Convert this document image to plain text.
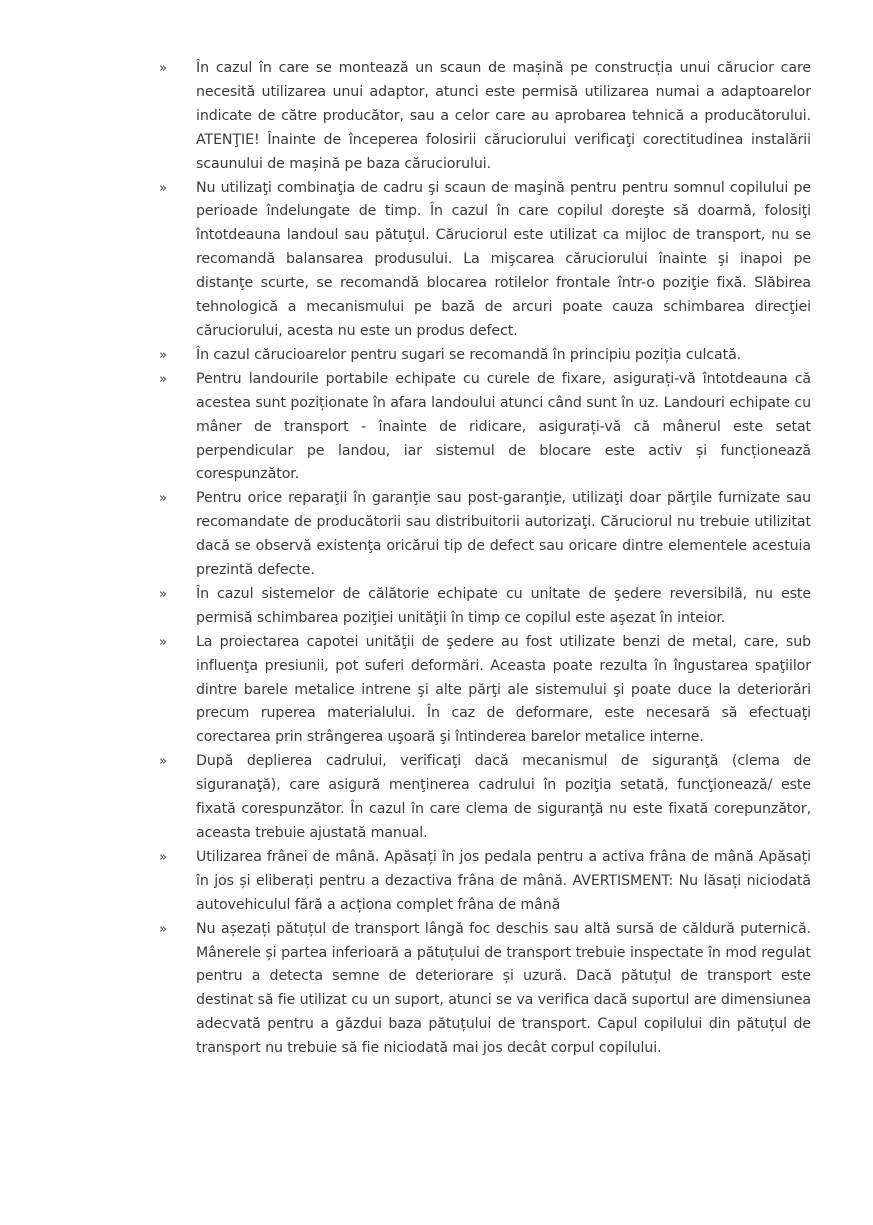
» În cazul în care se montează un scaun de mașină pe construcția unui cărucior care necesită utilizarea unui adaptor, atunci este permisă utilizarea numai a adaptoarelor indicate de către producător, sau a celor care au aprobarea tehnică a producătorului. ATENŢIE! Înainte de începerea folosirii căruciorului verificaţi corectitudinea instalării scaunului de mașină pe baza căruciorului.
» Nu utilizaţi combinaţia de cadru şi scaun de maşină pentru pentru somnul copilului pe perioade îndelungate de timp. În cazul în care copilul doreşte să doarmă, folosiţi întotdeauna landoul sau pătuţul. Căruciorul este utilizat ca mijloc de transport, nu se recomandă balansarea produsului. La mişcarea căruciorului înainte şi inapoi pe distanţe scurte, se recomandă blocarea rotilelor frontale într-o poziţie fixă. Slăbirea tehnologică a mecanismului pe bază de arcuri poate cauza schimbarea direcţiei căruciorului, acesta nu este un produs defect.
» În cazul cărucioarelor pentru sugari se recomandă în principiu poziția culcată.
» Pentru landourile portabile echipate cu curele de fixare, asigurați-vă întotdeauna că acestea sunt poziționate în afara landoului atunci când sunt în uz. Landouri echipate cu mâner de transport - înainte de ridicare, asigurați-vă că mânerul este setat perpendicular pe landou, iar sistemul de blocare este activ și funcționează corespunzător.
» Pentru orice reparaţii în garanţie sau post-garanţie, utilizaţi doar părţile furnizate sau recomandate de producătorii sau distribuitorii autorizaţi. Căruciorul nu trebuie utilizitat dacă se observă existenţa oricărui tip de defect sau oricare dintre elementele acestuia prezintă defecte.
» În cazul sistemelor de călătorie echipate cu unitate de şedere reversibilă, nu este permisă schimbarea poziţiei unităţii în timp ce copilul este aşezat în inteior.
» La proiectarea capotei unităţii de şedere au fost utilizate benzi de metal, care, sub influenţa presiunii, pot suferi deformări. Aceasta poate rezulta în îngustarea spaţiilor dintre barele metalice intrene şi alte părţi ale sistemului şi poate duce la deteriorări precum ruperea materialului. În caz de deformare, este necesară să efectuaţi corectarea prin strângerea uşoară şi întinderea barelor metalice interne.
» După deplierea cadrului, verificaţi dacă mecanismul de siguranţă (clema de siguranaţă), care asigură menţinerea cadrului în poziţia setată, funcţionează/ este fixată corespunzător. În cazul în care clema de siguranţă nu este fixată corepunzător, aceasta trebuie ajustată manual.
» Utilizarea frânei de mână. Apăsați în jos pedala pentru a activa frâna de mână Apăsați în jos și eliberați pentru a dezactiva frâna de mână. AVERTISMENT: Nu lăsați niciodată autovehiculul fără a acționa complet frâna de mână
» Nu așezați pătuțul de transport lângă foc deschis sau altă sursă de căldură puternică. Mânerele și partea inferioară a pătuțului de transport trebuie inspectate în mod regulat pentru a detecta semne de deteriorare și uzură. Dacă pătuțul de transport este destinat să fie utilizat cu un suport, atunci se va verifica dacă suportul are dimensiunea adecvată pentru a găzdui baza pătuțului de transport. Capul copilului din pătuțul de transport nu trebuie să fie niciodată mai jos decât corpul copilului.
